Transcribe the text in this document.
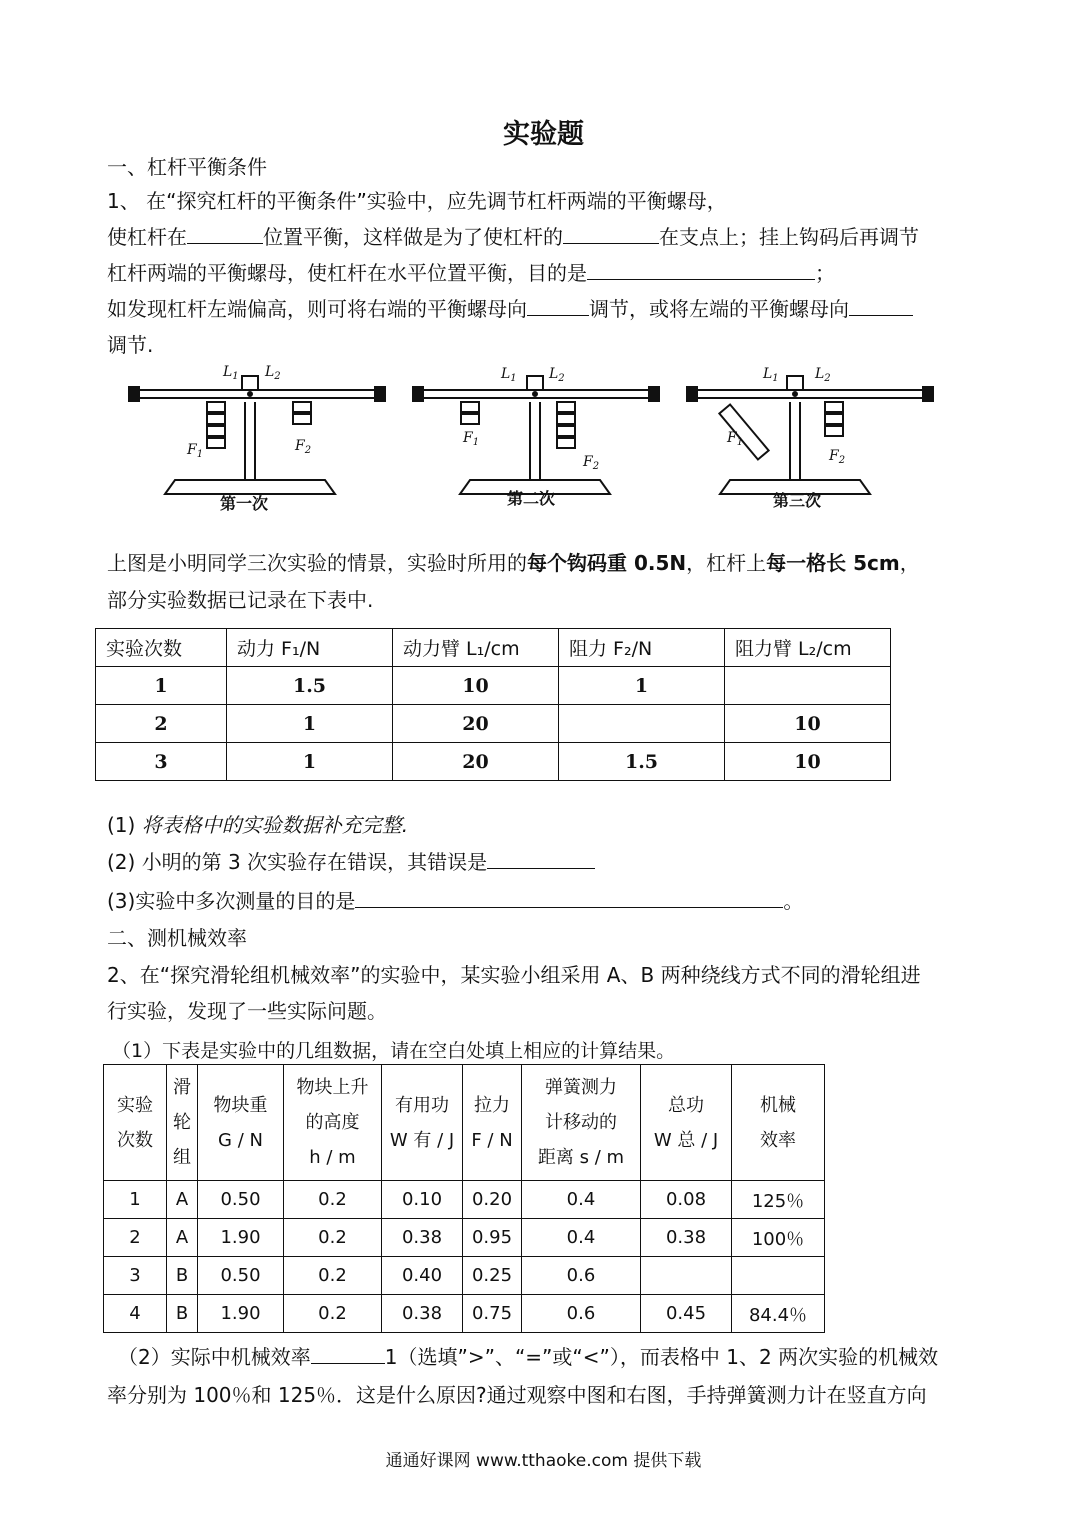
实验题
一、杠杆平衡条件
1、 在“探究杠杆的平衡条件”实验中，应先调节杠杆两端的平衡螺母，
使杠杆在	位置平衡，这样做是为了使杠杆的	在支点上；挂上钩码后再调节
杠杆两端的平衡螺母，使杠杆在水平位置平衡，目的是	；
如发现杠杆左端偏高，则可将右端的平衡螺母向	调节，或将左端的平衡螺母向
调节.
$L_1$ $L_2$
$F_1$
$F_2$
$L_1$ $L_2$
$F_1$
$F_2$
$L_1$	$L_2$
$F_1$
$F_2$
第一次	第二次	第三次
上图是小明同学三次实验的情景，实验时所用的每个钩码重 0.5N，杠杆上每一格长 5cm，
部分实验数据已记录在下表中.
实验次数	动力 F₁/N	动力臂 L₁/cm	阻力 F₂/N	阻力臂 L₂/cm
1	1.5	10	1	
2	1	20		10
3	1	20	1.5	10
(1) 将表格中的实验数据补充完整.
(2) 小明的第 3 次实验存在错误，其错误是
(3)实验中多次测量的目的是	。
二、测机械效率
2、在“探究滑轮组机械效率”的实验中，某实验小组采用 A、B 两种绕线方式不同的滑轮组进
行实验，发现了一些实际问题。
（1）下表是实验中的几组数据，请在空白处填上相应的计算结果。
实验
次数	滑
轮
组	物块重
G / N	物块上升
的高度
h / m	有用功
W 有 / J	拉力
F / N	弹簧测力
计移动的
距离 s / m	总功
W 总 / J	机械
效率
1	A	0.50	0.2	0.10	0.20	0.4	0.08	125％
2	A	1.90	0.2	0.38	0.95	0.4	0.38	100％
3	B	0.50	0.2	0.40	0.25	0.6		
4	B	1.90	0.2	0.38	0.75	0.6	0.45	84.4％
（2）实际中机械效率	1（选填”>”、“=”或“<”），而表格中 1、2 两次实验的机械效
率分别为 100％和 125％．这是什么原因?通过观察中图和右图，手持弹簧测力计在竖直方向
通通好课网 www.tthaoke.com 提供下载
